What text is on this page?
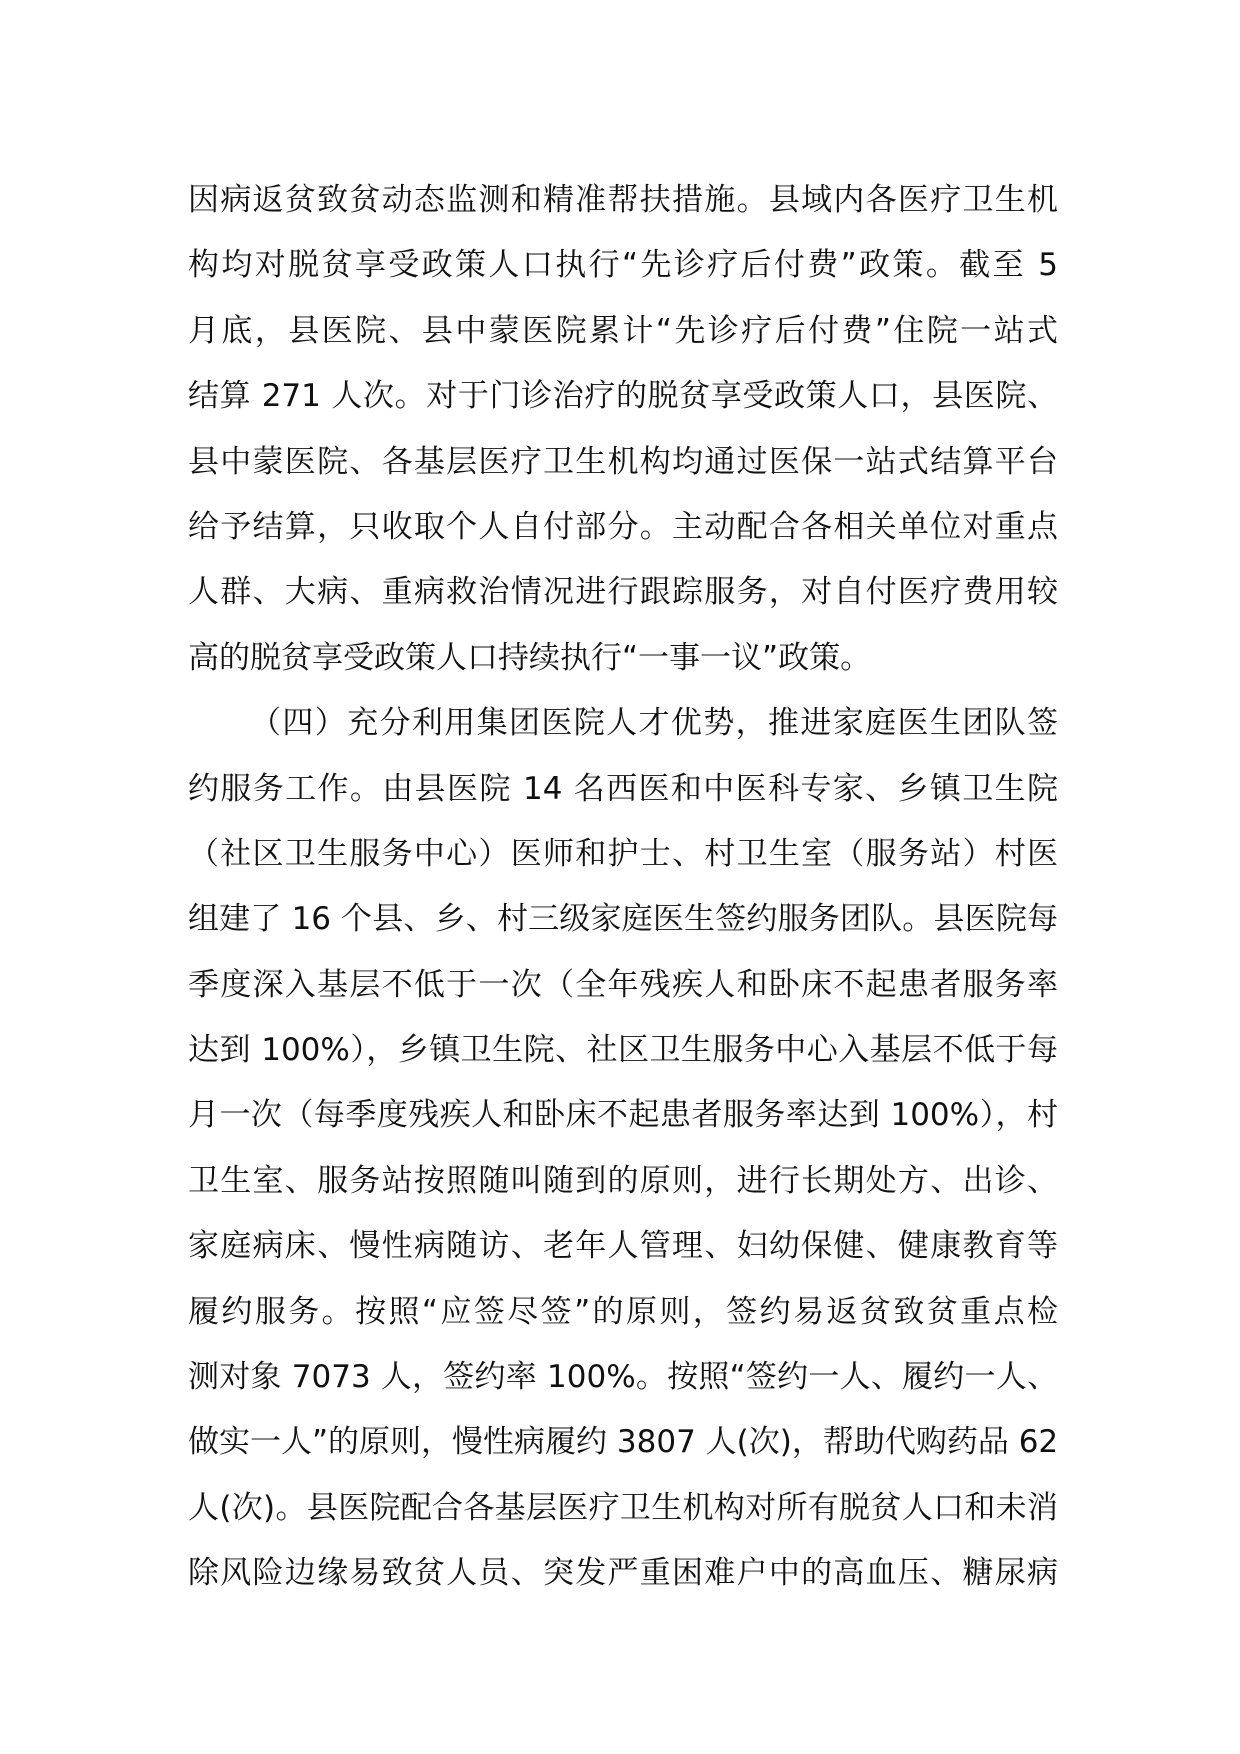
因病返贫致贫动态监测和精准帮扶措施。县域内各医疗卫生机
构均对脱贫享受政策人口执行“先诊疗后付费”政策。截至 5
月底，县医院、县中蒙医院累计“先诊疗后付费”住院一站式
结算 271 人次。对于门诊治疗的脱贫享受政策人口，县医院、
县中蒙医院、各基层医疗卫生机构均通过医保一站式结算平台
给予结算，只收取个人自付部分。主动配合各相关单位对重点
人群、大病、重病救治情况进行跟踪服务，对自付医疗费用较
高的脱贫享受政策人口持续执行“一事一议”政策。
（四）充分利用集团医院人才优势，推进家庭医生团队签
约服务工作。由县医院 14 名西医和中医科专家、乡镇卫生院
（社区卫生服务中心）医师和护士、村卫生室（服务站）村医
组建了 16 个县、乡、村三级家庭医生签约服务团队。县医院每
季度深入基层不低于一次（全年残疾人和卧床不起患者服务率
达到 100%），乡镇卫生院、社区卫生服务中心入基层不低于每
月一次（每季度残疾人和卧床不起患者服务率达到 100%），村
卫生室、服务站按照随叫随到的原则，进行长期处方、出诊、
家庭病床、慢性病随访、老年人管理、妇幼保健、健康教育等
履约服务。按照“应签尽签”的原则，签约易返贫致贫重点检
测对象 7073 人，签约率 100%。按照“签约一人、履约一人、
做实一人”的原则，慢性病履约 3807 人(次)，帮助代购药品 62
人(次)。县医院配合各基层医疗卫生机构对所有脱贫人口和未消
除风险边缘易致贫人员、突发严重困难户中的高血压、糖尿病
